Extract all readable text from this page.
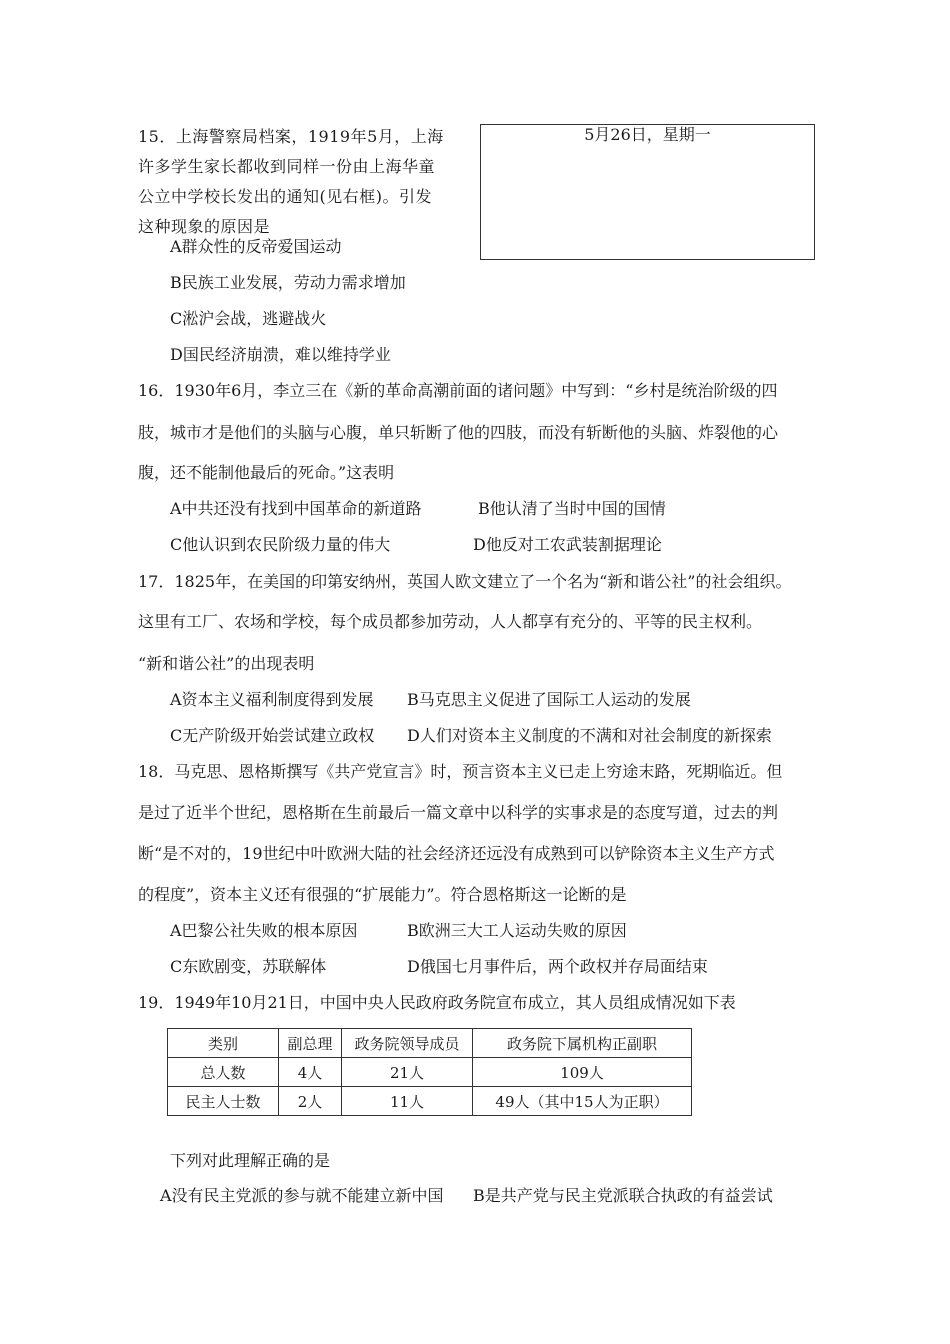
15．上海警察局档案，1919年5月，上海许多学生家长都收到同样一份由上海华童公立中学校长发出的通知(见右框)。引发这种现象的原因是
5月26日，星期一
A群众性的反帝爱国运动
B民族工业发展，劳动力需求增加
C淞沪会战，逃避战火
D国民经济崩溃，难以维持学业
16．1930年6月，李立三在《新的革命高潮前面的诸问题》中写到：“乡村是统治阶级的四
肢，城市才是他们的头脑与心腹，单只斩断了他的四肢，而没有斩断他的头脑、炸裂他的心
腹，还不能制他最后的死命。”这表明
A中共还没有找到中国革命的新道路	B他认清了当时中国的国情
C他认识到农民阶级力量的伟大	D他反对工农武装割据理论
17．1825年，在美国的印第安纳州，英国人欧文建立了一个名为“新和谐公社”的社会组织。
这里有工厂、农场和学校，每个成员都参加劳动，人人都享有充分的、平等的民主权利。
“新和谐公社”的出现表明
A资本主义福利制度得到发展 B马克思主义促进了国际工人运动的发展
C无产阶级开始尝试建立政权 D人们对资本主义制度的不满和对社会制度的新探索
18．马克思、恩格斯撰写《共产党宣言》时，预言资本主义已走上穷途末路，死期临近。但
是过了近半个世纪，恩格斯在生前最后一篇文章中以科学的实事求是的态度写道，过去的判
断“是不对的，19世纪中叶欧洲大陆的社会经济还远没有成熟到可以铲除资本主义生产方式
的程度”，资本主义还有很强的“扩展能力”。符合恩格斯这一论断的是
A巴黎公社失败的根本原因	B欧洲三大工人运动失败的原因
C东欧剧变，苏联解体	D俄国七月事件后，两个政权并存局面结束
19．1949年10月21日，中国中央人民政府政务院宣布成立，其人员组成情况如下表
类别	副总理	政务院领导成员	政务院下属机构正副职
总人数	4人	21人	109人
民主人士数	2人	11人	49人（其中15人为正职）
下列对此理解正确的是
A没有民主党派的参与就不能建立新中国 B是共产党与民主党派联合执政的有益尝试
